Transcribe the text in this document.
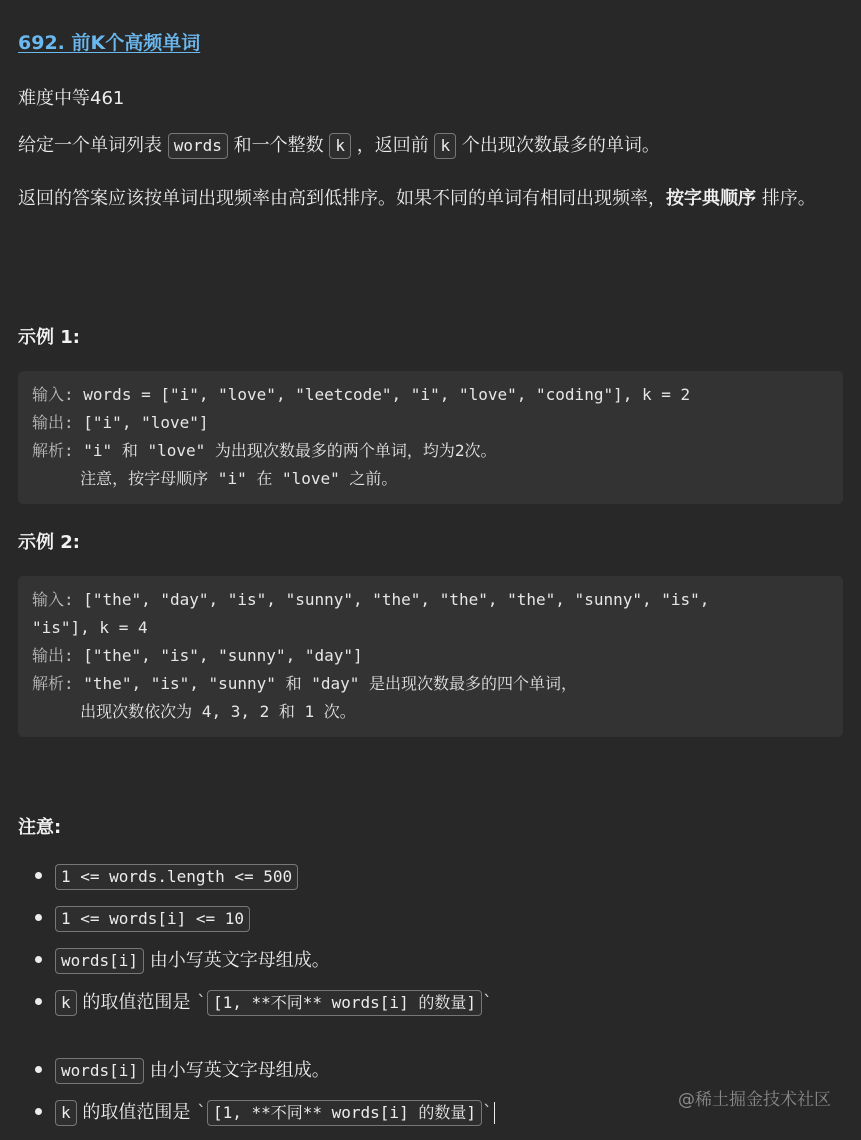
692. 前K个高频单词
难度中等461
给定一个单词列表 words 和一个整数 k ，返回前 k 个出现次数最多的单词。
返回的答案应该按单词出现频率由高到低排序。如果不同的单词有相同出现频率，按字典顺序 排序。
示例 1:
输入: words = ["i", "love", "leetcode", "i", "love", "coding"], k = 2
输出: ["i", "love"]
解析: "i" 和 "love" 为出现次数最多的两个单词，均为2次。
注意，按字母顺序 "i" 在 "love" 之前。
示例 2:
输入: ["the", "day", "is", "sunny", "the", "the", "the", "sunny", "is",
"is"], k = 4
输出: ["the", "is", "sunny", "day"]
解析: "the", "is", "sunny" 和 "day" 是出现次数最多的四个单词，
出现次数依次为 4, 3, 2 和 1 次。
注意:
1 <= words.length <= 500
1 <= words[i] <= 10
words[i] 由小写英文字母组成。
k 的取值范围是 ` [1, **不同** words[i] 的数量] `
words[i] 由小写英文字母组成。
k 的取值范围是 ` [1, **不同** words[i] 的数量] `
@稀土掘金技术社区
